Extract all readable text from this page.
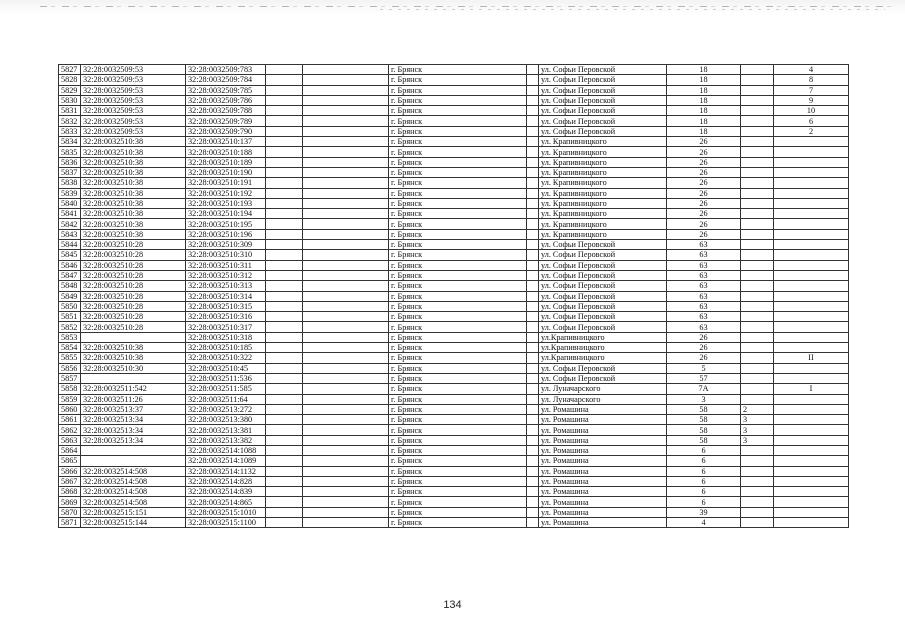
5827	32:28:0032509:53	32:28:0032509:783			г. Брянск		ул. Софьи Перовской	18		4
5828	32:28:0032509:53	32:28:0032509:784			г. Брянск		ул. Софьи Перовской	18		8
5829	32:28:0032509:53	32:28:0032509:785			г. Брянск		ул. Софьи Перовской	18		7
5830	32:28:0032509:53	32:28:0032509:786			г. Брянск		ул. Софьи Перовской	18		9
5831	32:28:0032509:53	32:28:0032509:788			г. Брянск		ул. Софьи Перовской	18		10
5832	32:28:0032509:53	32:28:0032509:789			г. Брянск		ул. Софьи Перовской	18		6
5833	32:28:0032509:53	32:28:0032509:790			г. Брянск		ул. Софьи Перовской	18		2
5834	32:28:0032510:38	32:28:0032510:137			г. Брянск		ул. Крапивницкого	26		
5835	32:28:0032510:38	32:28:0032510:188			г. Брянск		ул. Крапивницкого	26		
5836	32:28:0032510:38	32:28:0032510:189			г. Брянск		ул. Крапивницкого	26		
5837	32:28:0032510:38	32:28:0032510:190			г. Брянск		ул. Крапивницкого	26		
5838	32:28:0032510:38	32:28:0032510:191			г. Брянск		ул. Крапивницкого	26		
5839	32:28:0032510:38	32:28:0032510:192			г. Брянск		ул. Крапивницкого	26		
5840	32:28:0032510:38	32:28:0032510:193			г. Брянск		ул. Крапивницкого	26		
5841	32:28:0032510:38	32:28:0032510:194			г. Брянск		ул. Крапивницкого	26		
5842	32:28:0032510:38	32:28:0032510:195			г. Брянск		ул. Крапивницкого	26		
5843	32:28:0032510:38	32:28:0032510:196			г. Брянск		ул. Крапивницкого	26		
5844	32:28:0032510:28	32:28:0032510:309			г. Брянск		ул. Софьи Перовской	63		
5845	32:28:0032510:28	32:28:0032510:310			г. Брянск		ул. Софьи Перовской	63		
5846	32:28:0032510:28	32:28:0032510:311			г. Брянск		ул. Софьи Перовской	63		
5847	32:28:0032510:28	32:28:0032510:312			г. Брянск		ул. Софьи Перовской	63		
5848	32:28:0032510:28	32:28:0032510:313			г. Брянск		ул. Софьи Перовской	63		
5849	32:28:0032510:28	32:28:0032510:314			г. Брянск		ул. Софьи Перовской	63		
5850	32:28:0032510:28	32:28:0032510:315			г. Брянск		ул. Софьи Перовской	63		
5851	32:28:0032510:28	32:28:0032510:316			г. Брянск		ул. Софьи Перовской	63		
5852	32:28:0032510:28	32:28:0032510:317			г. Брянск		ул. Софьи Перовской	63		
5853		32:28:0032510:318			г. Брянск		ул.Крапивницкого	26		
5854	32:28:0032510:38	32:28:0032510:185			г. Брянск		ул.Крапивницкого	26		
5855	32:28:0032510:38	32:28:0032510:322			г. Брянск		ул.Крапивницкого	26		II
5856	32:28:0032510:30	32:28:0032510:45			г. Брянск		ул. Софьи Перовской	5		
5857		32:28:0032511:536			г. Брянск		ул. Софьи Перовской	57		
5858	32:28:0032511:542	32:28:0032511:585			г. Брянск		ул. Луначарского	7А		I
5859	32:28:0032511:26	32:28:0032511:64			г. Брянск		ул. Луначарского	3		
5860	32:28:0032513:37	32:28:0032513:272			г. Брянск		ул. Ромашина	58	2	
5861	32:28:0032513:34	32:28:0032513:380			г. Брянск		ул. Ромашина	58	3	
5862	32:28:0032513:34	32:28:0032513:381			г. Брянск		ул. Ромашина	58	3	
5863	32:28:0032513:34	32:28:0032513:382			г. Брянск		ул. Ромашина	58	3	
5864		32:28:0032514:1088			г. Брянск		ул. Ромашина	6		
5865		32:28:0032514:1089			г. Брянск		ул. Ромашина	6		
5866	32:28:0032514:508	32:28:0032514:1132			г. Брянск		ул. Ромашина	6		
5867	32:28:0032514:508	32:28:0032514:828			г. Брянск		ул. Ромашина	6		
5868	32:28:0032514:508	32:28:0032514:839			г. Брянск		ул. Ромашина	6		
5869	32:28:0032514:508	32:28:0032514:865			г. Брянск		ул. Ромашина	6		
5870	32:28:0032515:151	32:28:0032515:1010			г. Брянск		ул. Ромашина	39		
5871	32:28:0032515:144	32:28:0032515:1100			г. Брянск		ул. Ромашина	4		
134
